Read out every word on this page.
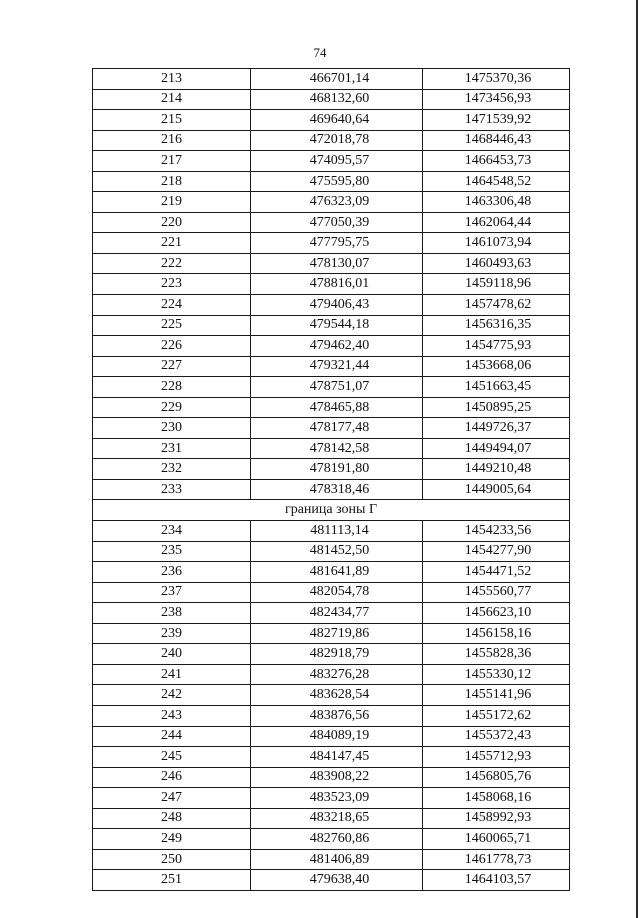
74
213	466701,14	1475370,36
214	468132,60	1473456,93
215	469640,64	1471539,92
216	472018,78	1468446,43
217	474095,57	1466453,73
218	475595,80	1464548,52
219	476323,09	1463306,48
220	477050,39	1462064,44
221	477795,75	1461073,94
222	478130,07	1460493,63
223	478816,01	1459118,96
224	479406,43	1457478,62
225	479544,18	1456316,35
226	479462,40	1454775,93
227	479321,44	1453668,06
228	478751,07	1451663,45
229	478465,88	1450895,25
230	478177,48	1449726,37
231	478142,58	1449494,07
232	478191,80	1449210,48
233	478318,46	1449005,64
граница зоны Г		
234	481113,14	1454233,56
235	481452,50	1454277,90
236	481641,89	1454471,52
237	482054,78	1455560,77
238	482434,77	1456623,10
239	482719,86	1456158,16
240	482918,79	1455828,36
241	483276,28	1455330,12
242	483628,54	1455141,96
243	483876,56	1455172,62
244	484089,19	1455372,43
245	484147,45	1455712,93
246	483908,22	1456805,76
247	483523,09	1458068,16
248	483218,65	1458992,93
249	482760,86	1460065,71
250	481406,89	1461778,73
251	479638,40	1464103,57
